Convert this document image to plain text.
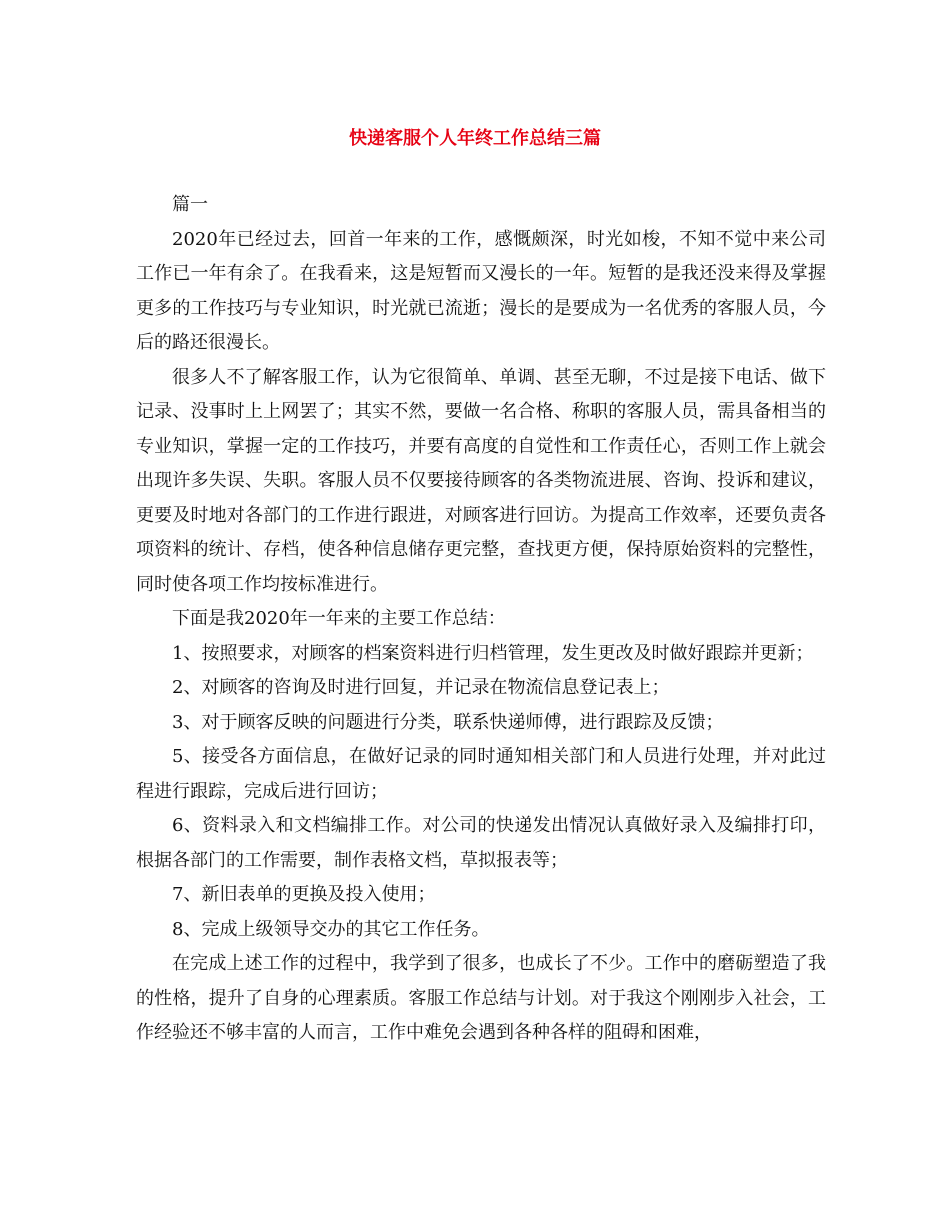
快递客服个人年终工作总结三篇

篇一

2020年已经过去，回首一年来的工作，感慨颇深，时光如梭，不知不觉中来公司工作已一年有余了。在我看来，这是短暂而又漫长的一年。短暂的是我还没来得及掌握更多的工作技巧与专业知识，时光就已流逝；漫长的是要成为一名优秀的客服人员，今后的路还很漫长。

很多人不了解客服工作，认为它很简单、单调、甚至无聊，不过是接下电话、做下记录、没事时上上网罢了；其实不然，要做一名合格、称职的客服人员，需具备相当的专业知识，掌握一定的工作技巧，并要有高度的自觉性和工作责任心，否则工作上就会出现许多失误、失职。客服人员不仅要接待顾客的各类物流进展、咨询、投诉和建议，更要及时地对各部门的工作进行跟进，对顾客进行回访。为提高工作效率，还要负责各项资料的统计、存档，使各种信息储存更完整，查找更方便，保持原始资料的完整性，同时使各项工作均按标准进行。

下面是我2020年一年来的主要工作总结：

1、按照要求，对顾客的档案资料进行归档管理，发生更改及时做好跟踪并更新；

2、对顾客的咨询及时进行回复，并记录在物流信息登记表上；

3、对于顾客反映的问题进行分类，联系快递师傅，进行跟踪及反馈；

5、接受各方面信息，在做好记录的同时通知相关部门和人员进行处理，并对此过程进行跟踪，完成后进行回访；

6、资料录入和文档编排工作。对公司的快递发出情况认真做好录入及编排打印，根据各部门的工作需要，制作表格文档，草拟报表等；

7、新旧表单的更换及投入使用；

8、完成上级领导交办的其它工作任务。

在完成上述工作的过程中，我学到了很多，也成长了不少。工作中的磨砺塑造了我的性格，提升了自身的心理素质。客服工作总结与计划。对于我这个刚刚步入社会，工作经验还不够丰富的人而言，工作中难免会遇到各种各样的阻碍和困难，
